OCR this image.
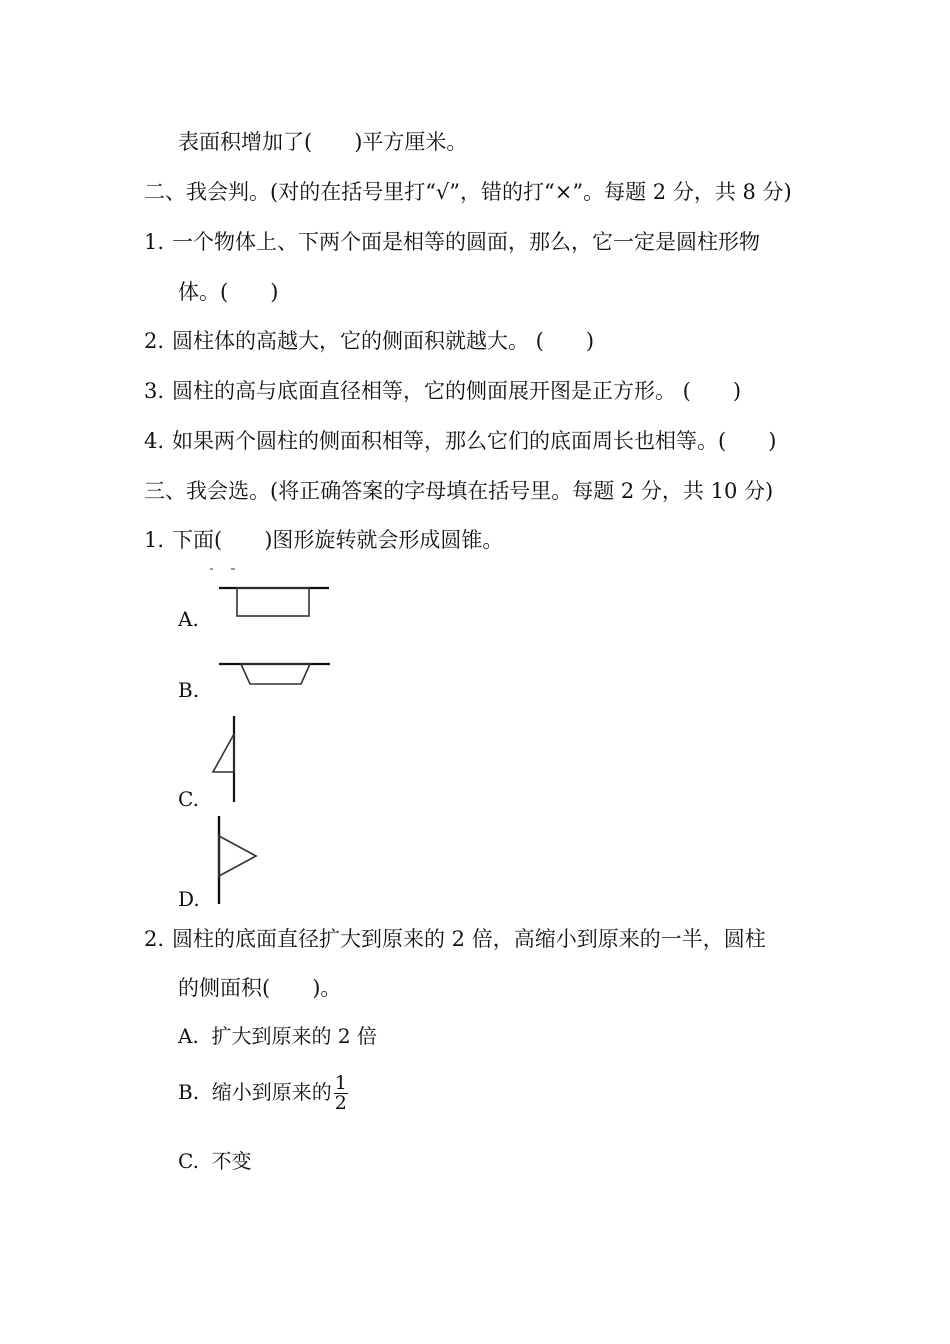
表面积增加了(　　)平方厘米。
二、我会判。(对的在括号里打“√”，错的打“×”。每题 2 分，共 8 分)
1. 一个物体上、下两个面是相等的圆面，那么，它一定是圆柱形物
体。(　　)
2. 圆柱体的高越大，它的侧面积就越大。 (　　)
3. 圆柱的高与底面直径相等，它的侧面展开图是正方形。 (　　)
4. 如果两个圆柱的侧面积相等，那么它们的底面周长也相等。(　　)
三、我会选。(将正确答案的字母填在括号里。每题 2 分，共 10 分)
1. 下面(　　)图形旋转就会形成圆锥。
A.
B.
C.
D.
2. 圆柱的底面直径扩大到原来的 2 倍，高缩小到原来的一半，圆柱
的侧面积(　　)。
A. 扩大到原来的 2 倍
B. 缩小到原来的 $\frac{1}{2}$
C. 不变
